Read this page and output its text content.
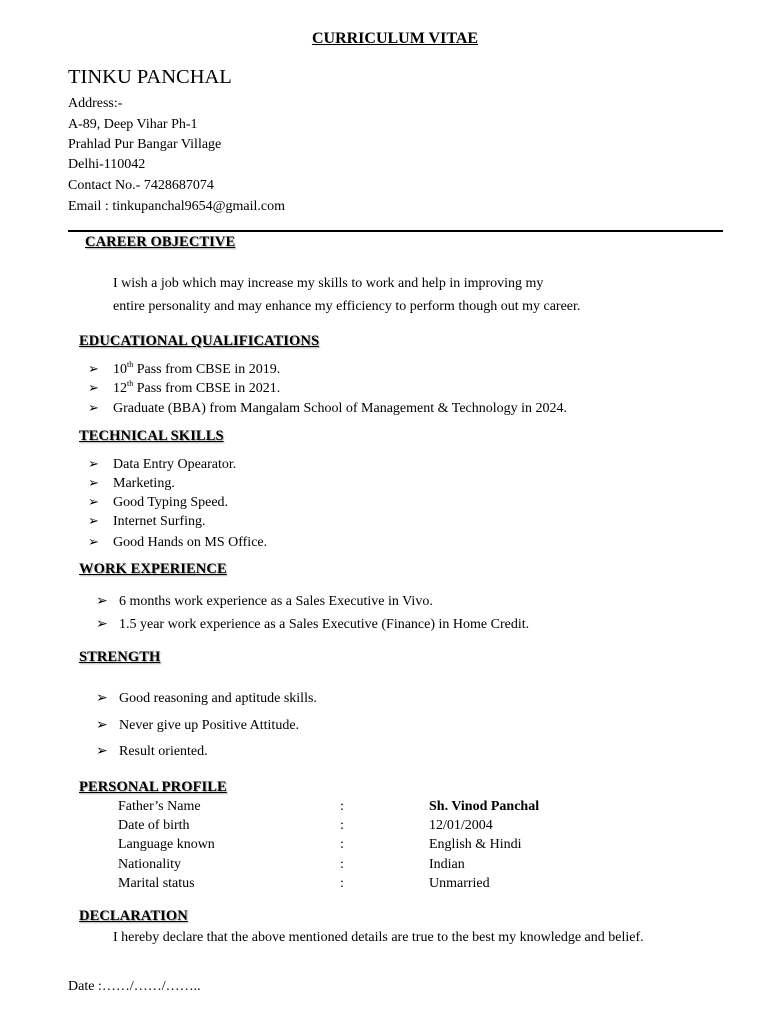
CURRICULUM VITAE
TINKU PANCHAL
Address:-
A-89, Deep Vihar Ph-1
Prahlad Pur Bangar Village
Delhi-110042
Contact No.- 7428687074
Email : tinkupanchal9654@gmail.com
CAREER OBJECTIVE
I wish a job which may increase my skills to work and help in improving my
entire personality and may enhance my efficiency to perform though out my career.
EDUCATIONAL QUALIFICATIONS
➢ 10th Pass from CBSE in 2019.
➢ 12th Pass from CBSE in 2021.
➢ Graduate (BBA) from Mangalam School of Management & Technology in 2024.
TECHNICAL SKILLS
➢ Data Entry Opearator.
➢ Marketing.
➢ Good Typing Speed.
➢ Internet Surfing.
➢ Good Hands on MS Office.
WORK EXPERIENCE
➢ 6 months work experience as a Sales Executive in Vivo.
➢ 1.5 year work experience as a Sales Executive (Finance) in Home Credit.
STRENGTH
➢ Good reasoning and aptitude skills.
➢ Never give up Positive Attitude.
➢ Result oriented.
PERSONAL PROFILE
Father’s Name	:	Sh. Vinod Panchal
Date of birth	:	12/01/2004
Language known	:	English & Hindi
Nationality	:	Indian
Marital status	:	Unmarried
DECLARATION
I hereby declare that the above mentioned details are true to the best my knowledge and belief.
Date :……/……/……..
